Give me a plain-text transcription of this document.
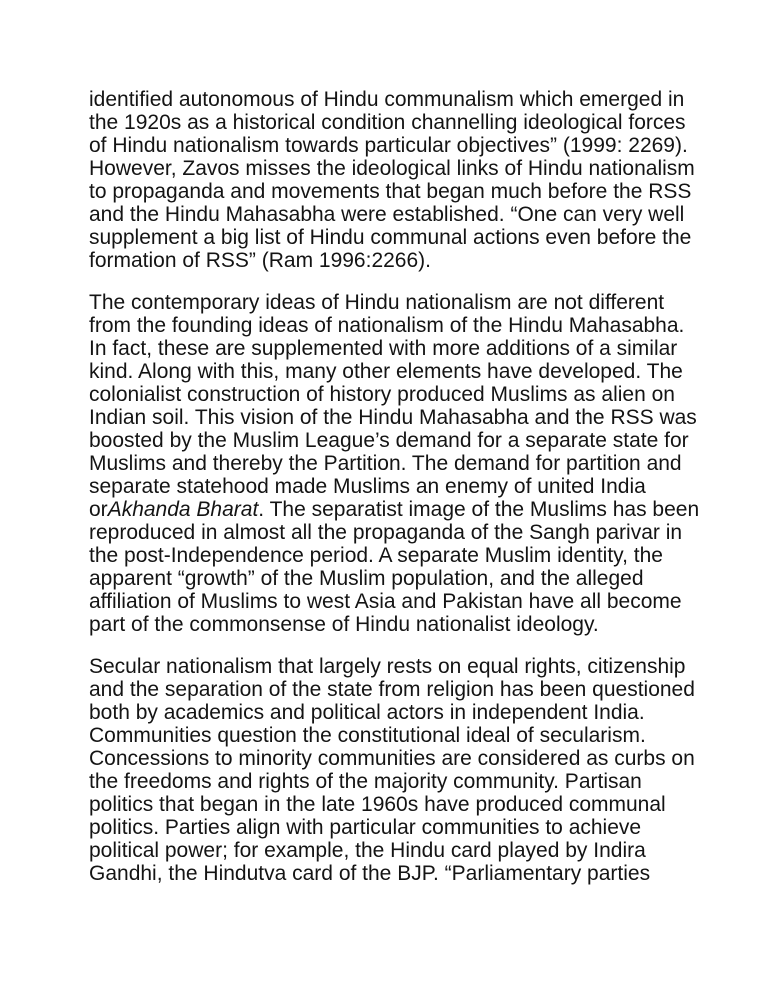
identified autonomous of Hindu communalism which emerged in
the 1920s as a historical condition channelling ideological forces
of Hindu nationalism towards particular objectives” (1999: 2269).
However, Zavos misses the ideological links of Hindu nationalism
to propaganda and movements that began much before the RSS
and the Hindu Mahasabha were established. “One can very well
supplement a big list of Hindu communal actions even before the
formation of RSS” (Ram 1996:2266).

The contemporary ideas of Hindu nationalism are not different
from the founding ideas of nationalism of the Hindu Mahasabha.
In fact, these are supplemented with more additions of a similar
kind. Along with this, many other elements have developed. The
colonialist construction of history produced Muslims as alien on
Indian soil. This vision of the Hindu Mahasabha and the RSS was
boosted by the Muslim League’s demand for a separate state for
Muslims and thereby the Partition. The demand for partition and
separate statehood made Muslims an enemy of united India
orAkhanda Bharat. The separatist image of the Muslims has been
reproduced in almost all the propaganda of the Sangh parivar in
the post-Independence period. A separate Muslim identity, the
apparent “growth” of the Muslim population, and the alleged
affiliation of Muslims to west Asia and Pakistan have all become
part of the commonsense of Hindu nationalist ideology.

Secular nationalism that largely rests on equal rights, citizenship
and the separation of the state from religion has been questioned
both by academics and political actors in independent India.
Communities question the constitutional ideal of secularism.
Concessions to minority communities are considered as curbs on
the freedoms and rights of the majority community. Partisan
politics that began in the late 1960s have produced communal
politics. Parties align with particular communities to achieve
political power; for example, the Hindu card played by Indira
Gandhi, the Hindutva card of the BJP. “Parliamentary parties
